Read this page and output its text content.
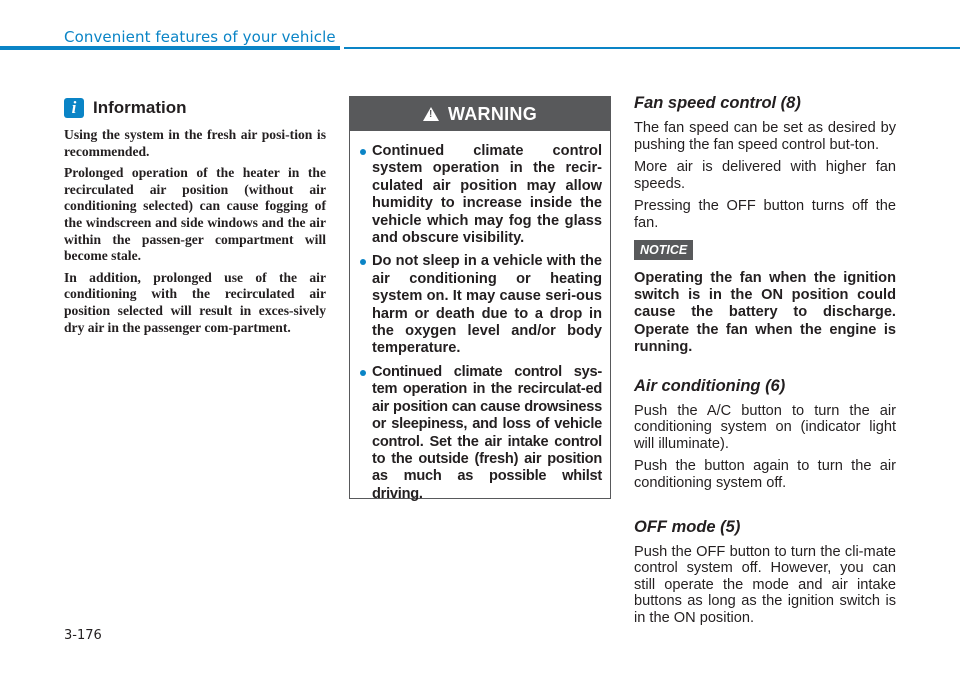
Convenient features of your vehicle
i Information

Using the system in the fresh air posi-tion is recommended.

Prolonged operation of the heater in the recirculated air position (without air conditioning selected) can cause fogging of the windscreen and side windows and the air within the passen-ger compartment will become stale.

In addition, prolonged use of the air conditioning with the recirculated air position selected will result in exces-sively dry air in the passenger com-partment.

! WARNING
Continued climate control system operation in the recir-culated air position may allow humidity to increase inside the vehicle which may fog the glass and obscure visibility.
Do not sleep in a vehicle with the air conditioning or heating system on. It may cause seri-ous harm or death due to a drop in the oxygen level and/or body temperature.
Continued climate control sys-tem operation in the recirculat-ed air position can cause drowsiness or sleepiness, and loss of vehicle control. Set the air intake control to the outside (fresh) air position as much as possible whilst driving.
Fan speed control (8)

The fan speed can be set as desired by pushing the fan speed control but-ton.

More air is delivered with higher fan speeds.

Pressing the OFF button turns off the fan.

NOTICE

Operating the fan when the ignition switch is in the ON position could cause the battery to discharge. Operate the fan when the engine is running.

Air conditioning (6)

Push the A/C button to turn the air conditioning system on (indicator light will illuminate).

Push the button again to turn the air conditioning system off.

OFF mode (5)

Push the OFF button to turn the cli-mate control system off. However, you can still operate the mode and air intake buttons as long as the ignition switch is in the ON position.

3-176
